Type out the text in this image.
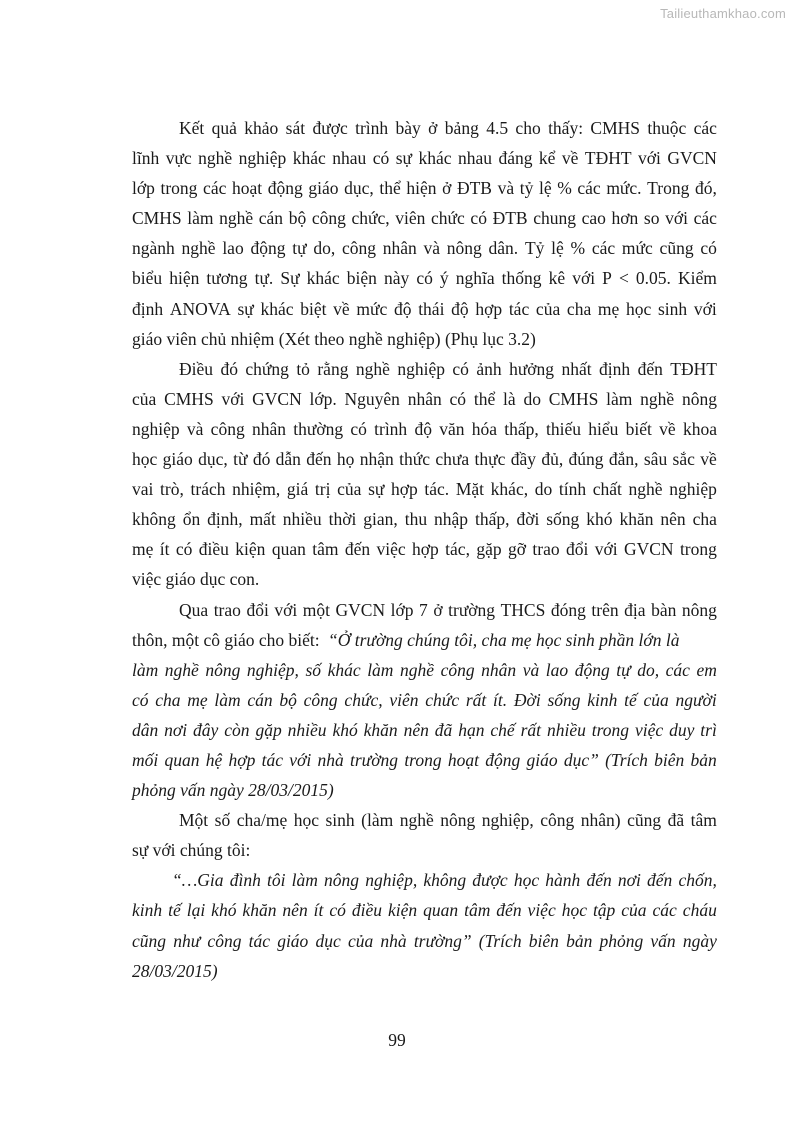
Tailieuthamkhao.com
Kết quả khảo sát được trình bày ở bảng 4.5 cho thấy: CMHS thuộc các
lĩnh vực nghề nghiệp khác nhau có sự khác nhau đáng kể về TĐHT với GVCN
lớp trong các hoạt động giáo dục, thể hiện ở ĐTB và tỷ lệ % các mức. Trong đó,
CMHS làm nghề cán bộ công chức, viên chức có ĐTB chung cao hơn so với các
ngành nghề lao động tự do, công nhân và nông dân. Tỷ lệ % các mức cũng có
biểu hiện tương tự. Sự khác biện này có ý nghĩa thống kê với P < 0.05. Kiểm
định ANOVA sự khác biệt về mức độ thái độ hợp tác của cha mẹ học sinh với
giáo viên chủ nhiệm (Xét theo nghề nghiệp) (Phụ lục 3.2)
Điều đó chứng tỏ rằng nghề nghiệp có ảnh hưởng nhất định đến TĐHT
của CMHS với GVCN lớp. Nguyên nhân có thể là do CMHS làm nghề nông
nghiệp và công nhân thường có trình độ văn hóa thấp, thiếu hiểu biết về khoa
học giáo dục, từ đó dẫn đến họ nhận thức chưa thực đầy đủ, đúng đắn, sâu sắc về
vai trò, trách nhiệm, giá trị của sự hợp tác. Mặt khác, do tính chất nghề nghiệp
không ổn định, mất nhiều thời gian, thu nhập thấp, đời sống khó khăn nên cha
mẹ ít có điều kiện quan tâm đến việc hợp tác, gặp gỡ trao đổi với GVCN trong
việc giáo dục con.
Qua trao đổi với một GVCN lớp 7 ở trường THCS đóng trên địa bàn nông
thôn, một cô giáo cho biết: “Ở trường chúng tôi, cha mẹ học sinh phần lớn là
làm nghề nông nghiệp, số khác làm nghề công nhân và lao động tự do, các em
có cha mẹ làm cán bộ công chức, viên chức rất ít. Đời sống kinh tế của người
dân nơi đây còn gặp nhiều khó khăn nên đã hạn chế rất nhiều trong việc duy trì
mối quan hệ hợp tác với nhà trường trong hoạt động giáo dục” (Trích biên bản
phỏng vấn ngày 28/03/2015)
Một số cha/mẹ học sinh (làm nghề nông nghiệp, công nhân) cũng đã tâm
sự với chúng tôi:
“…Gia đình tôi làm nông nghiệp, không được học hành đến nơi đến chốn,
kinh tế lại khó khăn nên ít có điều kiện quan tâm đến việc học tập của các cháu
cũng như công tác giáo dục của nhà trường” (Trích biên bản phỏng vấn ngày
28/03/2015)
99
